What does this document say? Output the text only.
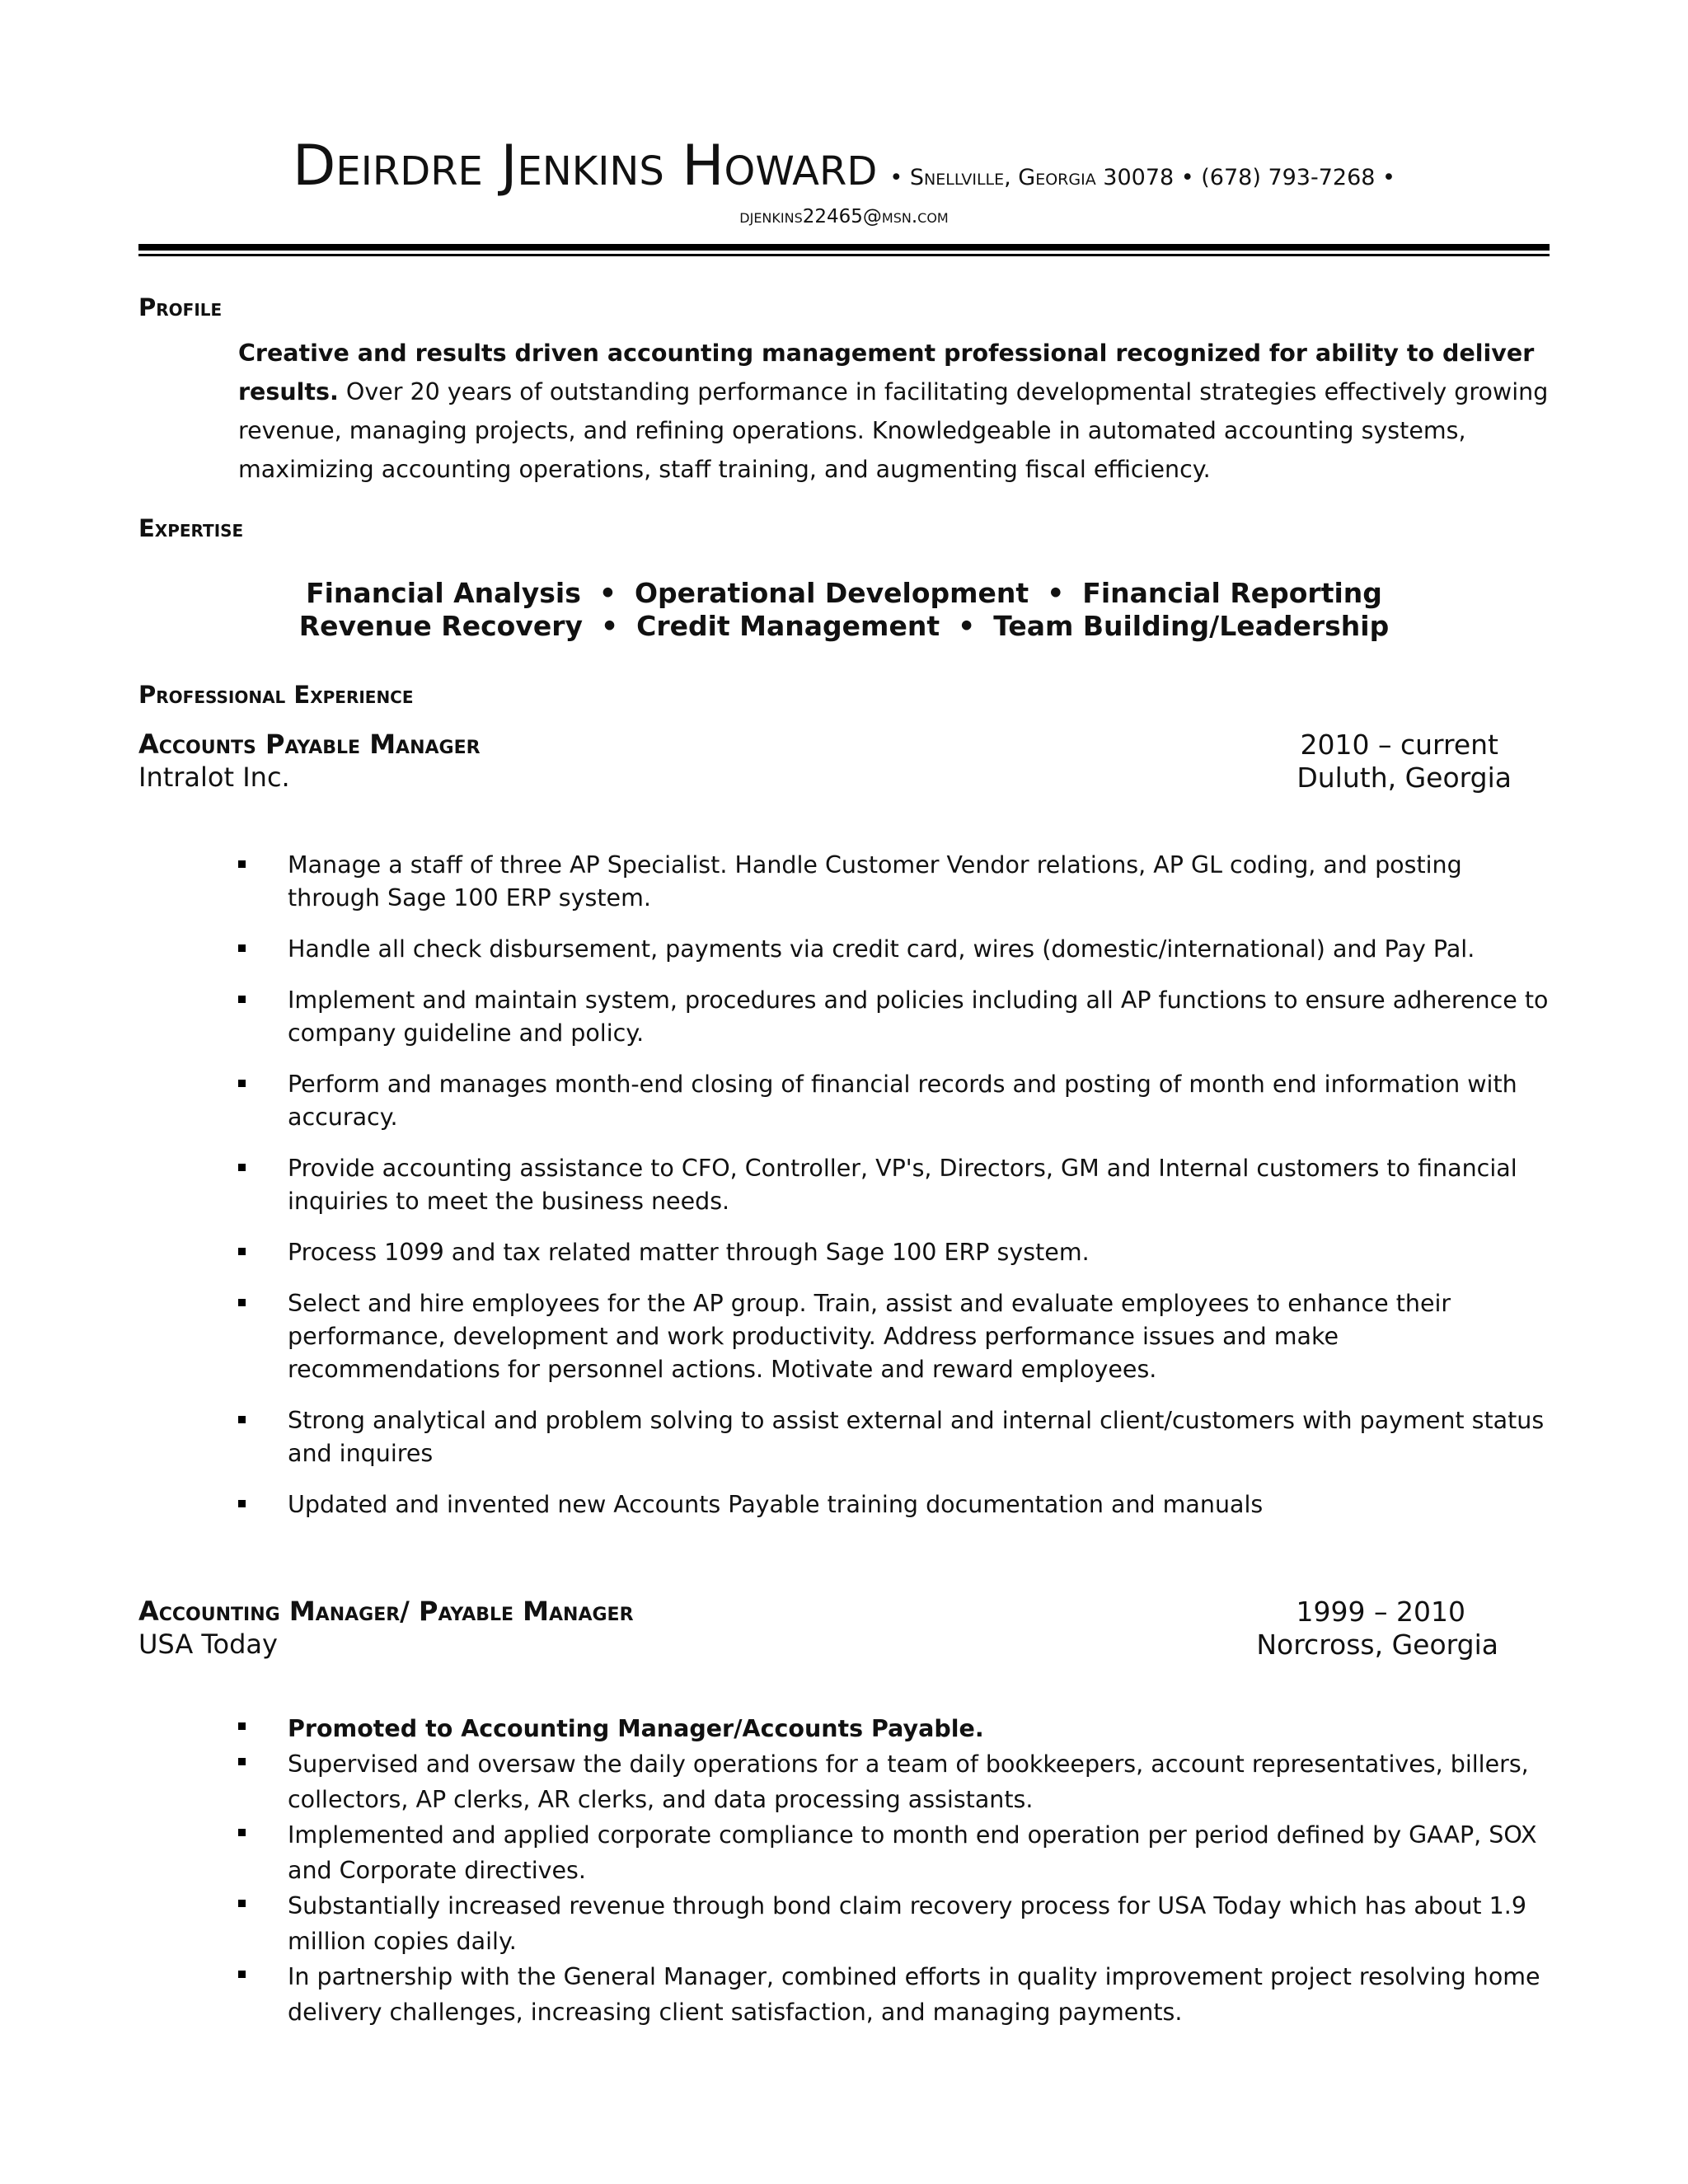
Deirdre Jenkins Howard • Snellville, Georgia 30078 • (678) 793-7268 •
djenkins22465@msn.com
Profile
Creative and results driven accounting management professional recognized for ability to deliver results. Over 20 years of outstanding performance in facilitating developmental strategies effectively growing revenue, managing projects, and refining operations. Knowledgeable in automated accounting systems, maximizing accounting operations, staff training, and augmenting fiscal efficiency.
Expertise
Financial Analysis • Operational Development • Financial Reporting
Revenue Recovery • Credit Management • Team Building/Leadership
Professional Experience
Accounts Payable Manager	2010 – current
Intralot Inc.	Duluth, Georgia
Manage a staff of three AP Specialist. Handle Customer Vendor relations, AP GL coding, and posting through Sage 100 ERP system.
Handle all check disbursement, payments via credit card, wires (domestic/international) and Pay Pal.
Implement and maintain system, procedures and policies including all AP functions to ensure adherence to company guideline and policy.
Perform and manages month-end closing of financial records and posting of month end information with accuracy.
Provide accounting assistance to CFO, Controller, VP's, Directors, GM and Internal customers to financial inquiries to meet the business needs.
Process 1099 and tax related matter through Sage 100 ERP system.
Select and hire employees for the AP group. Train, assist and evaluate employees to enhance their performance, development and work productivity. Address performance issues and make recommendations for personnel actions. Motivate and reward employees.
Strong analytical and problem solving to assist external and internal client/customers with payment status and inquires
Updated and invented new Accounts Payable training documentation and manuals
Accounting Manager/ Payable Manager	1999 – 2010
USA Today	Norcross, Georgia
Promoted to Accounting Manager/Accounts Payable.
Supervised and oversaw the daily operations for a team of bookkeepers, account representatives, billers, collectors, AP clerks, AR clerks, and data processing assistants.
Implemented and applied corporate compliance to month end operation per period defined by GAAP, SOX and Corporate directives.
Substantially increased revenue through bond claim recovery process for USA Today which has about 1.9 million copies daily.
In partnership with the General Manager, combined efforts in quality improvement project resolving home delivery challenges, increasing client satisfaction, and managing payments.
